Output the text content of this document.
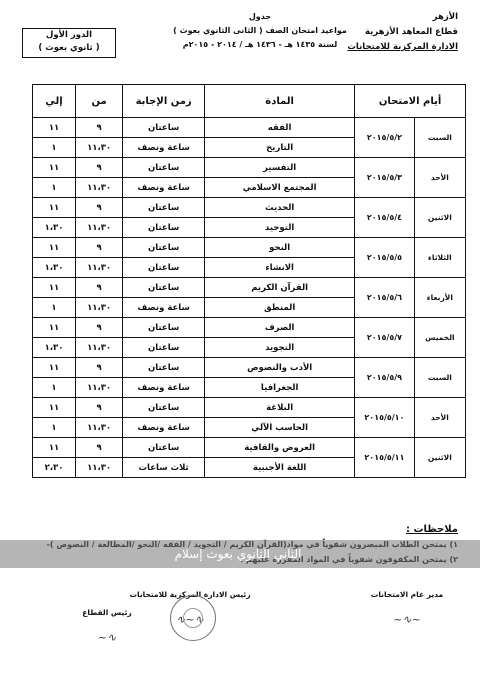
الأزهر
قطاع المعاهد الأزهرية
الادارة المركزية للامتحانات
جدول
مواعيد امتحان الصف ( الثانى الثانوي بعوث )
لسنة ١٤٣٥ هـ - ١٤٣٦ هـ / ٢٠١٤ - ٢٠١٥م
الدور الأول
( ثانوي بعوث )
أيام الامتحان		المادة	زمن الإجابة	من	إلي
السبت	٢٠١٥/٥/٢	الفقه	ساعتان	٩	١١
		التاريخ	ساعة ونصف	١١،٣٠	١
الأحد	٢٠١٥/٥/٣	التفسير	ساعتان	٩	١١
		المجتمع الاسلامي	ساعة ونصف	١١،٣٠	١
الاثنين	٢٠١٥/٥/٤	الحديث	ساعتان	٩	١١
		التوحيد	ساعتان	١١،٣٠	١،٣٠
الثلاثاء	٢٠١٥/٥/٥	النحو	ساعتان	٩	١١
		الانشاء	ساعتان	١١،٣٠	١،٣٠
الأربعاء	٢٠١٥/٥/٦	القرآن الكريم	ساعتان	٩	١١
		المنطق	ساعة ونصف	١١،٣٠	١
الخميس	٢٠١٥/٥/٧	الصرف	ساعتان	٩	١١
		التجويد	ساعتان	١١،٣٠	١،٣٠
السبت	٢٠١٥/٥/٩	الأدب والنصوص	ساعتان	٩	١١
		الجغرافيا	ساعة ونصف	١١،٣٠	١
الأحد	٢٠١٥/٥/١٠	البلاغة	ساعتان	٩	١١
		الحاسب الآلي	ساعة ونصف	١١،٣٠	١
الاثنين	٢٠١٥/٥/١١	العروض والقافية	ساعتان	٩	١١
		اللغة الأجنبية	ثلاث ساعات	١١،٣٠	٢،٣٠
ملاحظات :
الثاني الثانوي بعوث إسلام
مدير عام الامتحانات
~∿~
رئيس الادارة المركزية للامتحانات
∿~∿
رئيس القطاع
∿~
